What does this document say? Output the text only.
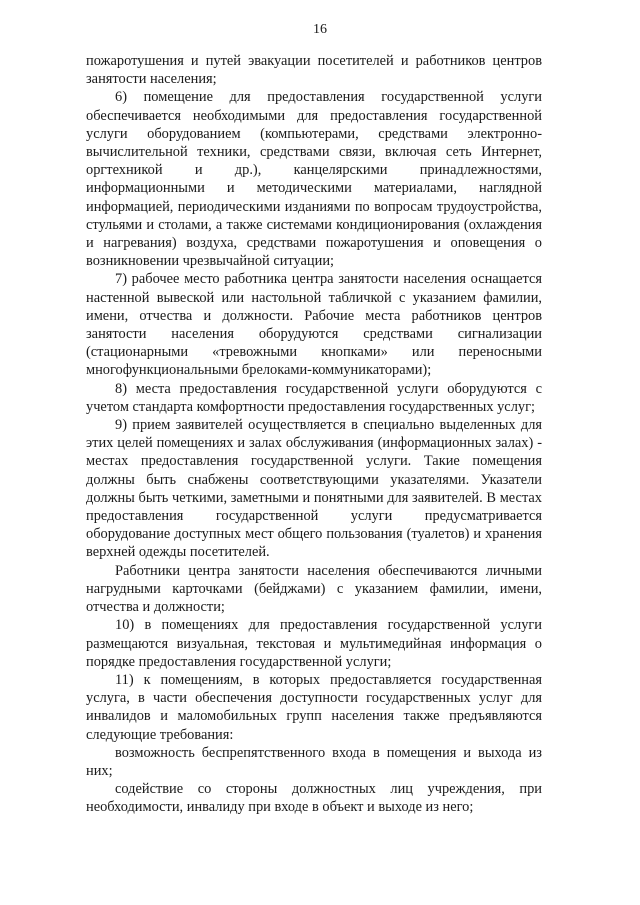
16

пожаротушения и путей эвакуации посетителей и работников центров занятости населения;

6) помещение для предоставления государственной услуги обеспечивается необходимыми для предоставления государственной услуги оборудованием (компьютерами, средствами электронно-вычислительной техники, средствами связи, включая сеть Интернет, оргтехникой и др.), канцелярскими принадлежностями, информационными и методическими материалами, наглядной информацией, периодическими изданиями по вопросам трудоустройства, стульями и столами, а также системами кондиционирования (охлаждения и нагревания) воздуха, средствами пожаротушения и оповещения о возникновении чрезвычайной ситуации;

7) рабочее место работника центра занятости населения оснащается настенной вывеской или настольной табличкой с указанием фамилии, имени, отчества и должности. Рабочие места работников центров занятости населения оборудуются средствами сигнализации (стационарными «тревожными кнопками» или переносными многофункциональными брелоками-коммуникаторами);

8) места предоставления государственной услуги оборудуются с учетом стандарта комфортности предоставления государственных услуг;

9) прием заявителей осуществляется в специально выделенных для этих целей помещениях и залах обслуживания (информационных залах) - местах предоставления государственной услуги. Такие помещения должны быть снабжены соответствующими указателями. Указатели должны быть четкими, заметными и понятными для заявителей. В местах предоставления государственной услуги предусматривается оборудование доступных мест общего пользования (туалетов) и хранения верхней одежды посетителей.

Работники центра занятости населения обеспечиваются личными нагрудными карточками (бейджами) с указанием фамилии, имени, отчества и должности;

10) в помещениях для предоставления государственной услуги размещаются визуальная, текстовая и мультимедийная информация о порядке предоставления государственной услуги;

11) к помещениям, в которых предоставляется государственная услуга, в части обеспечения доступности государственных услуг для инвалидов и маломобильных групп населения также предъявляются следующие требования:

возможность беспрепятственного входа в помещения и выхода из них;

содействие со стороны должностных лиц учреждения, при необходимости, инвалиду при входе в объект и выходе из него;
